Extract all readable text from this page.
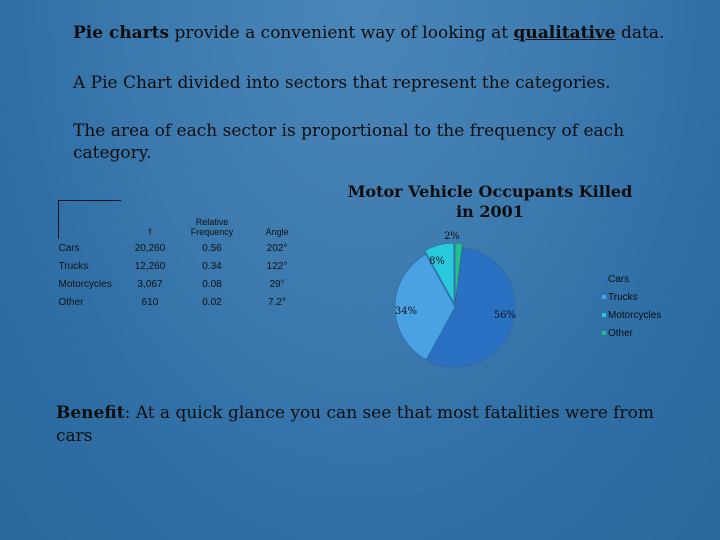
Pie charts provide a convenient way of looking at qualitative data.
A Pie Chart divided into sectors that represent the categories.
The area of each sector is proportional to the frequency of each category.
	f	Relative Frequency	Angle
Cars	20,260	0.56	202°
Trucks	12,260	0.34	122°
Motorcycles	3,067	0.08	29°
Other	610	0.02	7.2°
Motor Vehicle Occupants Killed in 2001
56%
34%
8%
2%
Cars
Trucks
Motorcycles
Other
Benefit: At a quick glance you can see that most fatalities were from cars
